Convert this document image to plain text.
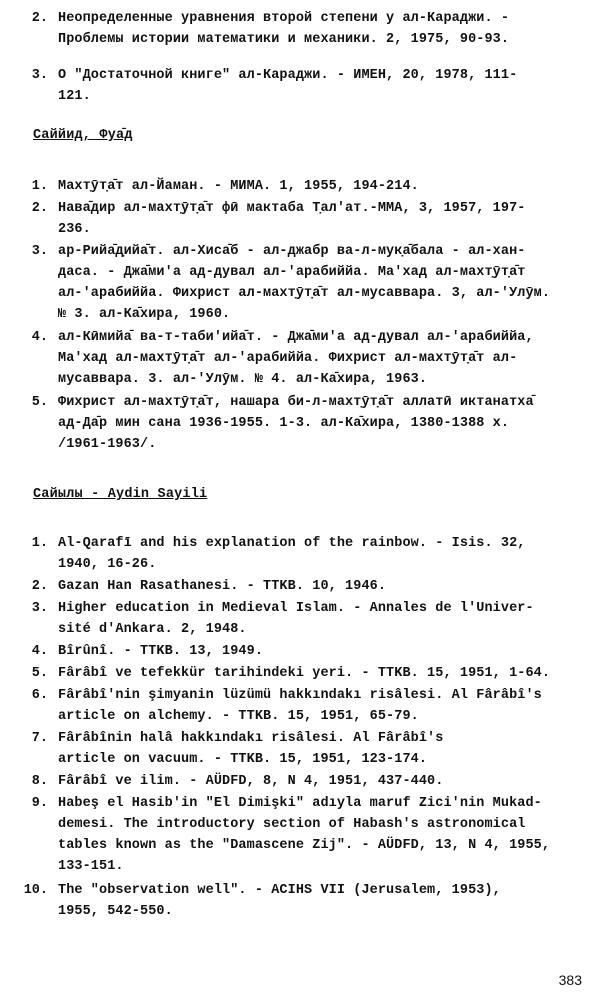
2. Неопределенные уравнения второй степени у ал-Караджи. -
Проблемы истории математики и механики. 2, 1975, 90-93.
3. О "Достаточной книге" ал-Караджи. - ИМЕН, 20, 1978, 111-
121.
Саййид, Фуа̄д
1. Махт̣ӯт̣а̄т ал-Йаман. - МИМА. 1, 1955, 194-214.
2. Нава̄дир ал-махт̣ӯт̣а̄т фӣ мактаба Т̣ал'ат.-ММА, 3, 1957, 197-
236.
3. ар-Рийа̄д̣ийа̄т. ал-Хиса̄б - ал-джабр ва-л-мук̣а̄бала - ал-хан-
даса. - Джа̄ми'а ад-дувал ал-'арабиййа. Ма'хад ал-махт̣ӯт̣а̄т
ал-'арабиййа. Фихрист ал-махт̣ӯт̣а̄т ал-мусаввара. 3, ал-'Улӯм.
№ 3. ал-Ка̄хира, 1960.
4. ал-Кӣмийа̄ ва-т-таби'ийа̄т. - Джа̄ми'а ад-дувал ал-'арабиййа,
Ма'хад ал-махт̣ӯт̣а̄т ал-'арабиййа. Фихрист ал-махт̣ӯт̣а̄т ал-
мусаввара. 3. ал-'Улӯм. № 4. ал-Ка̄хира, 1963.
5. Фихрист ал-махт̣ӯт̣а̄т, нашара би-л-махт̣ӯт̣а̄т аллатӣ иктанатха̄
ад-Да̄р мин сана 1936-1955. 1-3. ал-Ка̄хира, 1380-1388 х.
/1961-1963/.
Сайылы - Aydin Sayili
1. Al-Qarafī and his explanation of the rainbow. - Isis. 32,
1940, 16-26.
2. Gazan Han Rasathanesi. - TTKB. 10, 1946.
3. Higher education in Medieval Islam. - Annales de l'Univer-
sité d'Ankara. 2, 1948.
4. Bîrûnî. - TTKB. 13, 1949.
5. Fârâbî ve tefekkür tarihindeki yeri. - TTKB. 15, 1951, 1-64.
6. Fârâbî'nin şimyanin lüzümü hakkındakı risâlesi. Al Fârâbî's
article on alchemy. - TTKB. 15, 1951, 65-79.
7. Fârâbînin halâ hakkındakı risâlesi. Al Fârâbî's
article on vacuum. - TTKB. 15, 1951, 123-174.
8. Fârâbî ve ilim. - AÜDFD, 8, N 4, 1951, 437-440.
9. Habeş el Hasib'in "El Dimişki" adıyla maruf Zici'nin Mukad-
demesi. The introductory section of Habash's astronomical
tables known as the "Damascene Zij". - AÜDFD, 13, N 4, 1955,
133-151.
10. The "observation well". - ACIHS VII (Jerusalem, 1953),
1955, 542-550.
383
